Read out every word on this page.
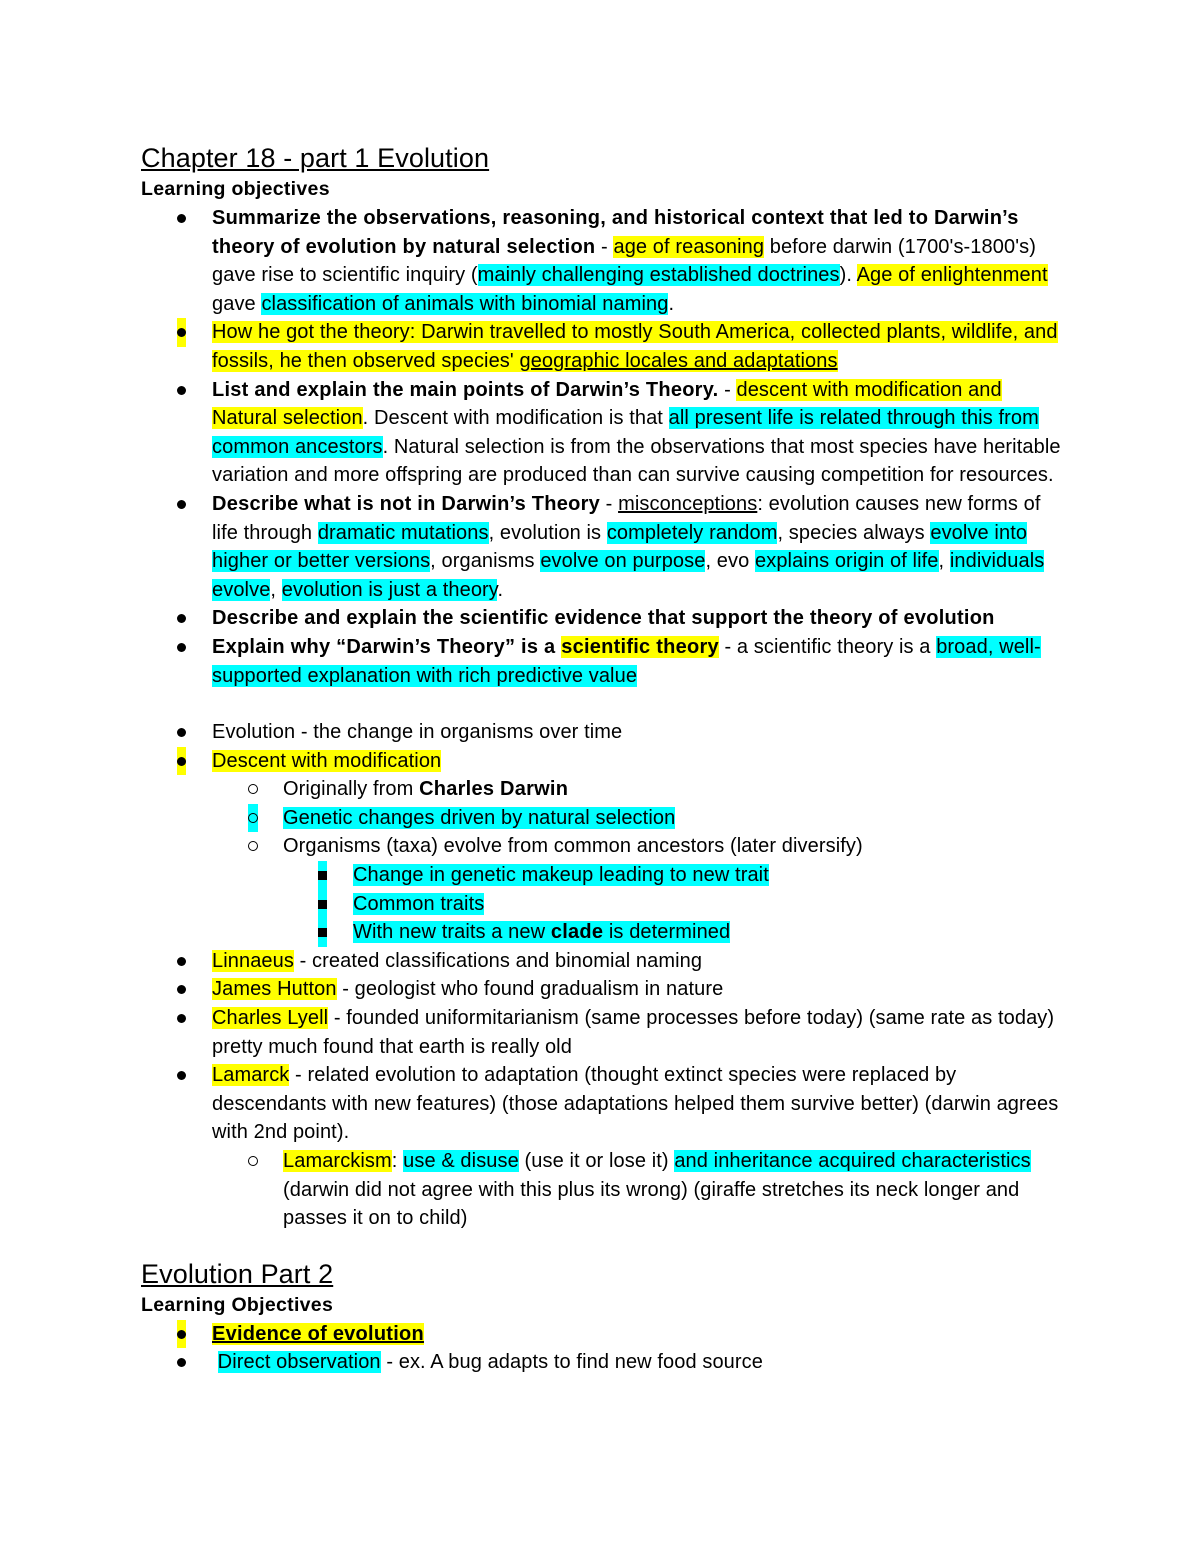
Chapter 18 - part 1 Evolution
Learning objectives
Summarize the observations, reasoning, and historical context that led to Darwin’s theory of evolution by natural selection - age of reasoning before darwin (1700's-1800's) gave rise to scientific inquiry (mainly challenging established doctrines). Age of enlightenment gave classification of animals with binomial naming.
How he got the theory: Darwin travelled to mostly South America, collected plants, wildlife, and fossils, he then observed species' geographic locales and adaptations
List and explain the main points of Darwin’s Theory. - descent with modification and Natural selection. Descent with modification is that all present life is related through this from common ancestors. Natural selection is from the observations that most species have heritable variation and more offspring are produced than can survive causing competition for resources.
Describe what is not in Darwin’s Theory - misconceptions: evolution causes new forms of life through dramatic mutations, evolution is completely random, species always evolve into higher or better versions, organisms evolve on purpose, evo explains origin of life, individuals evolve, evolution is just a theory.
Describe and explain the scientific evidence that support the theory of evolution
Explain why “Darwin’s Theory” is a scientific theory - a scientific theory is a broad, well-supported explanation with rich predictive value
Evolution - the change in organisms over time
Descent with modification
Originally from Charles Darwin
Genetic changes driven by natural selection
Organisms (taxa) evolve from common ancestors (later diversify)
Change in genetic makeup leading to new trait
Common traits
With new traits a new clade is determined
Linnaeus - created classifications and binomial naming
James Hutton - geologist who found gradualism in nature
Charles Lyell - founded uniformitarianism (same processes before today) (same rate as today) pretty much found that earth is really old
Lamarck - related evolution to adaptation (thought extinct species were replaced by descendants with new features) (those adaptations helped them survive better) (darwin agrees with 2nd point).
Lamarckism: use & disuse (use it or lose it) and inheritance acquired characteristics (darwin did not agree with this plus its wrong) (giraffe stretches its neck longer and passes it on to child)
Evolution Part 2
Learning Objectives
Evidence of evolution
Direct observation - ex. A bug adapts to find new food source
